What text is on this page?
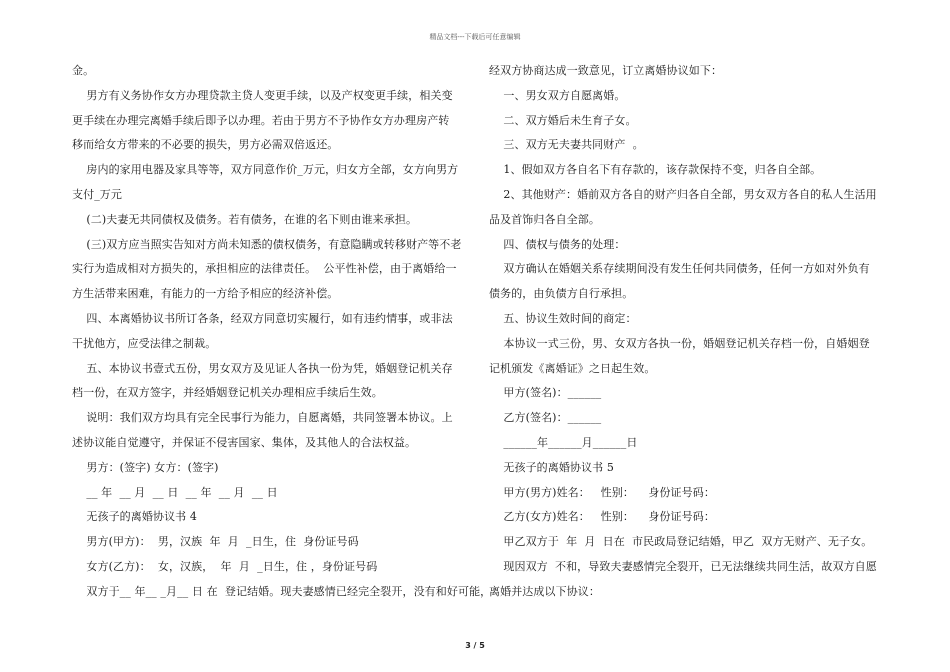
精品文档---下载后可任意编辑
金。
男方有义务协作女方办理贷款主贷人变更手续，以及产权变更手续，相关变
更手续在办理完离婚手续后即予以办理。若由于男方不予协作女方办理房产转
移而给女方带来的不必要的损失，男方必需双倍返还。
房内的家用电器及家具等等，双方同意作价_万元，归女方全部，女方向男方
支付_万元
(二)夫妻无共同债权及债务。若有债务，在谁的名下则由谁来承担。
(三)双方应当照实告知对方尚未知悉的债权债务，有意隐瞒或转移财产等不老
实行为造成相对方损失的，承担相应的法律责任。  公平性补偿，由于离婚给一
方生活带来困难，有能力的一方给予相应的经济补偿。
四、本离婚协议书所订各条，经双方同意切实履行，如有违约情事，或非法
干扰他方，应受法律之制裁。
五、本协议书壹式五份，男女双方及见证人各执一份为凭，婚姻登记机关存
档一份，在双方签字，并经婚姻登记机关办理相应手续后生效。
说明：我们双方均具有完全民事行为能力，自愿离婚，共同签署本协议。上
述协议能自觉遵守，并保证不侵害国家、集体，及其他人的合法权益。
男方：(签字) 女方：(签字)
__ 年  __ 月  __ 日  __ 年  __ 月  __ 日
无孩子的离婚协议书 4
男方(甲方)：  男，汉族  年  月  _日生，住  身份证号码
女方(乙方)：  女，汉族，  年  月  _日生，住 ，身份证号码
双方于__ 年__ _月__ 日 在  登记结婚。现夫妻感情已经完全裂开，没有和好可能，
经双方协商达成一致意见，订立离婚协议如下：
一、男女双方自愿离婚。
二、双方婚后未生育子女。
三、双方无夫妻共同财产  。
1、假如双方各自名下有存款的，该存款保持不变，归各自全部。
2、其他财产：婚前双方各自的财产归各自全部，男女双方各自的私人生活用
品及首饰归各自全部。
四、债权与债务的处理：
双方确认在婚姻关系存续期间没有发生任何共同债务，任何一方如对外负有
债务的，由负债方自行承担。
五、协议生效时间的商定：
本协议一式三份，男、女双方各执一份，婚姻登记机关存档一份，自婚姻登
记机颁发《离婚证》之日起生效。
甲方(签名)：______
乙方(签名)：______
______年______月______日
无孩子的离婚协议书 5
甲方(男方)姓名：   性别：    身份证号码：
乙方(女方)姓名：   性别：    身份证号码：
甲乙双方于  年  月  日在  市民政局登记结婚，甲乙  双方无财产、无子女。
现因双方  不和，导致夫妻感情完全裂开，已无法继续共同生活，故双方自愿
离婚并达成以下协议：
3 / 5
